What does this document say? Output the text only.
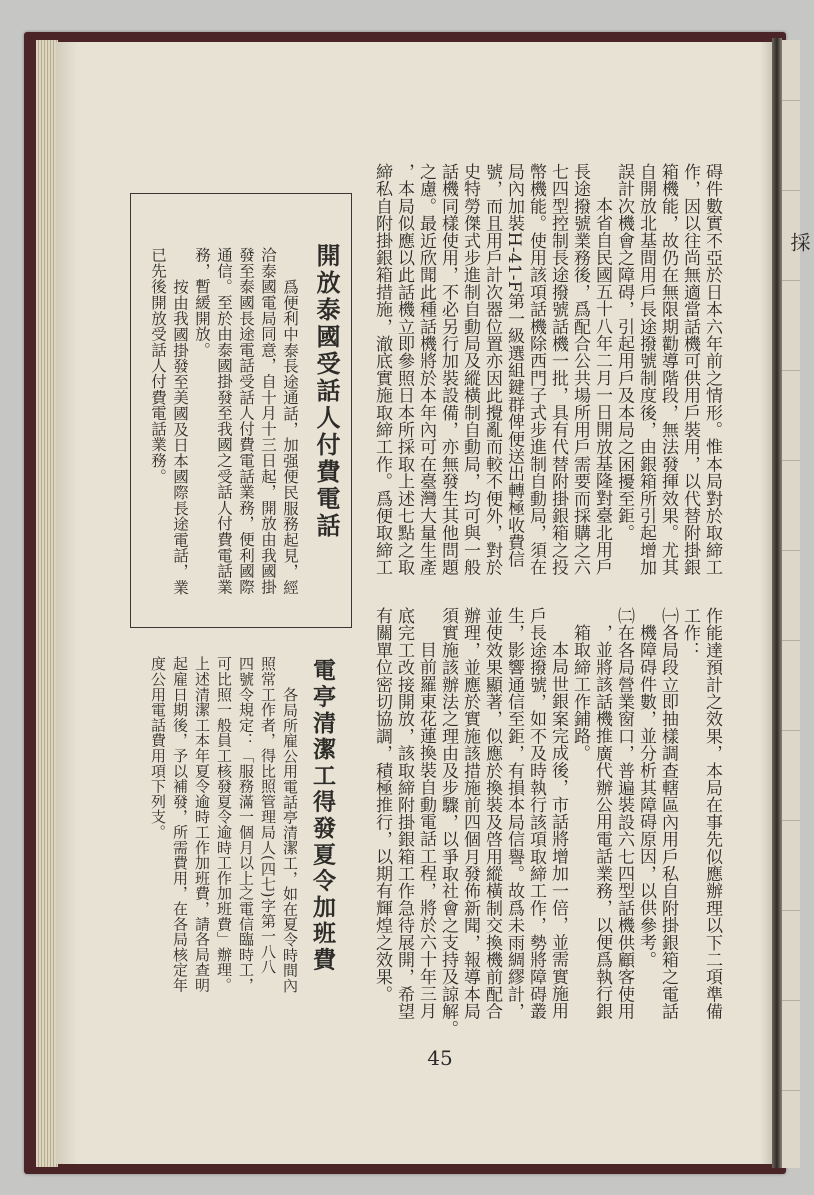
碍件數實不亞於日本六年前之情形。惟本局對於取締工
作，因以往尚無適當話機可供用戶裝用，以代替附掛銀
箱機能，故仍在無限期勸導階段，無法發揮效果。尤其
自開放北基間用戶長途撥號制度後，由銀箱所引起增加
誤計次機會之障碍，引起用戶及本局之困擾至鉅。
本省自民國五十八年二月一日開放基隆對臺北用戶
長途撥號業務後，爲配合公共場所用戶需要而採購之六
七四型控制長途撥號話機一批，具有代替附掛銀箱之投
幣機能。使用該項話機除西門子式步進制自動局，須在
局內加裝H-41-F第一級選組鍵群俾便送出轉極收費信
號，而且用戶計次器位置亦因此攪亂而較不便外，對於
史特勞傑式步進制自動局及縱橫制自動局，均可與一般
話機同樣使用，不必另行加裝設備，亦無發生其他問題
之慮。最近欣聞此種話機將於本年內可在臺灣大量生產
，本局似應以此話機立即參照日本所採取上述七點之取
締私自附掛銀箱措施，澈底實施取締工作。爲便取締工
開放泰國受話人付費電話
爲便利中泰長途通話，加强便民服務起見，經
洽泰國電局同意，自十月十三日起，開放由我國掛
發至泰國長途電話受話人付費電話業務，便利國際
通信。至於由泰國掛發至我國之受話人付費電話業
務，暫緩開放。
按由我國掛發至美國及日本國際長途電話，業
已先後開放受話人付費電話業務。
作能達預計之效果，本局在事先似應辦理以下二項準備
工作：
㈠各局段立即抽樣調查轄區內用戶私自附掛銀箱之電話
機障碍件數，並分析其障碍原因，以供參考。
㈡在各局營業窗口，普遍裝設六七四型話機供顧客使用
，並將該話機推廣代辦公用電話業務，以便爲執行銀
箱取締工作鋪路。
本局世銀案完成後，市話將增加一倍，並需實施用
戶長途撥號，如不及時執行該項取締工作，勢將障碍叢
生，影響通信至鉅，有損本局信譽。故爲未雨綢繆計，
並使效果顯著，似應於換裝及啓用縱橫制交換機前配合
辦理，並應於實施該措施前四個月發佈新聞，報導本局
須實施該辦法之理由及步驟，以爭取社會之支持及諒解。
目前羅東花蓮換裝自動電話工程，將於六十年三月
底完工改接開放，該取締附掛銀箱工作急待展開，希望
有關單位密切協調，積極推行，以期有輝煌之效果。
電亭清潔工得發夏令加班費
各局所雇公用電話亭清潔工，如在夏令時間內
照常工作者，得比照管理局人(四七)字第一八八
四號令規定：「服務滿一個月以上之電信臨時工，
可比照一般員工核發夏令逾時工作加班費」辦理。
上述清潔工本年夏令逾時工作加班費，請各局查明
起雇日期後，予以補發，所需費用，在各局核定年
度公用電話費用項下列支。
45
採
